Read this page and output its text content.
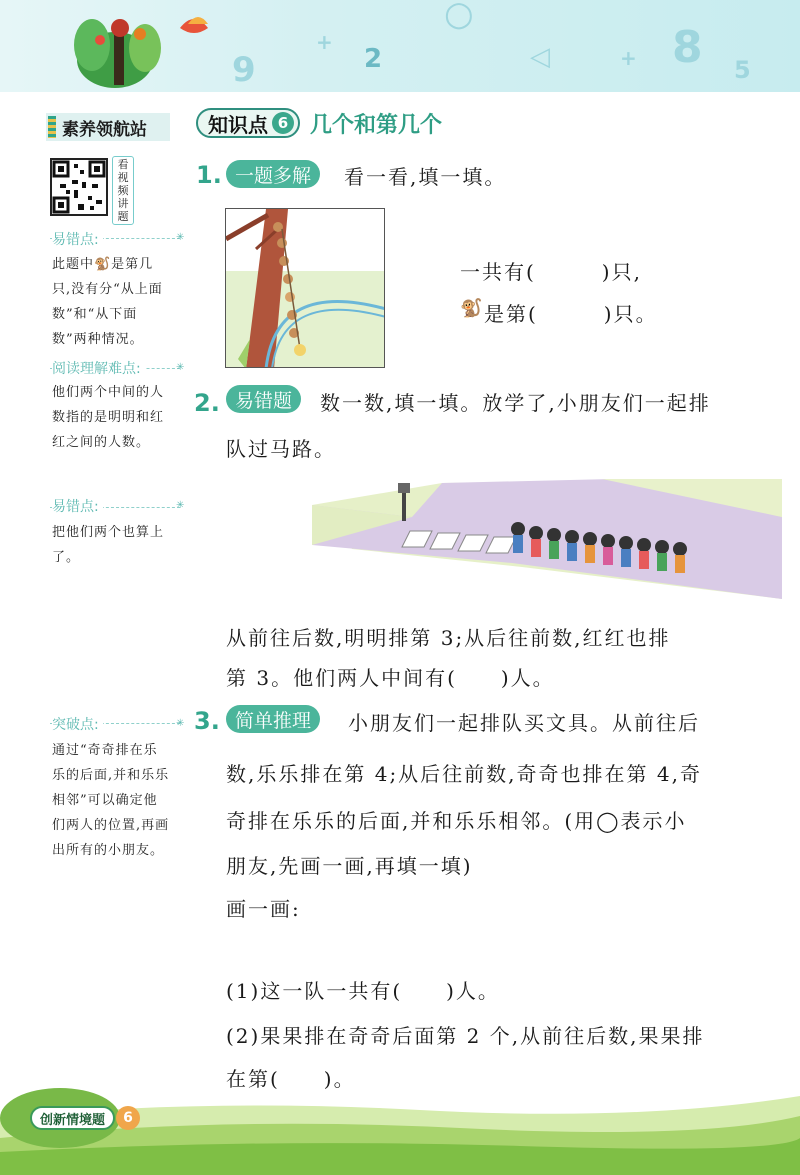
○
9	2
+	◁	+ 8 5
素养领航站
看视频讲题
易错点:	✳
此题中🐒是第几只,没有分“从上面数”和“从下面数”两种情况。
阅读理解难点:	✳
他们两个中间的人数指的是明明和红红之间的人数。
易错点:	✳
把他们两个也算上了。
突破点:	✳
通过“奇奇排在乐乐的后面,并和乐乐相邻”可以确定他们两人的位置,再画出所有的小朋友。
知识点 6 几个和第几个
1. 一题多解	看一看,填一填。
一共有(　　　)只,
🐒 是第(　　　)只。
2. 易错题	数一数,填一填。放学了,小朋友们一起排
队过马路。
从前往后数,明明排第 3;从后往前数,红红也排
第 3。他们两人中间有(　　)人。
3. 简单推理	小朋友们一起排队买文具。从前往后
数,乐乐排在第 4;从后往前数,奇奇也排在第 4,奇
奇排在乐乐的后面,并和乐乐相邻。(用◯表示小
朋友,先画一画,再填一填)
画一画:
(1)这一队一共有(　　)人。
(2)果果排在奇奇后面第 2 个,从前往后数,果果排
在第(　　)。
创新情境题	6
